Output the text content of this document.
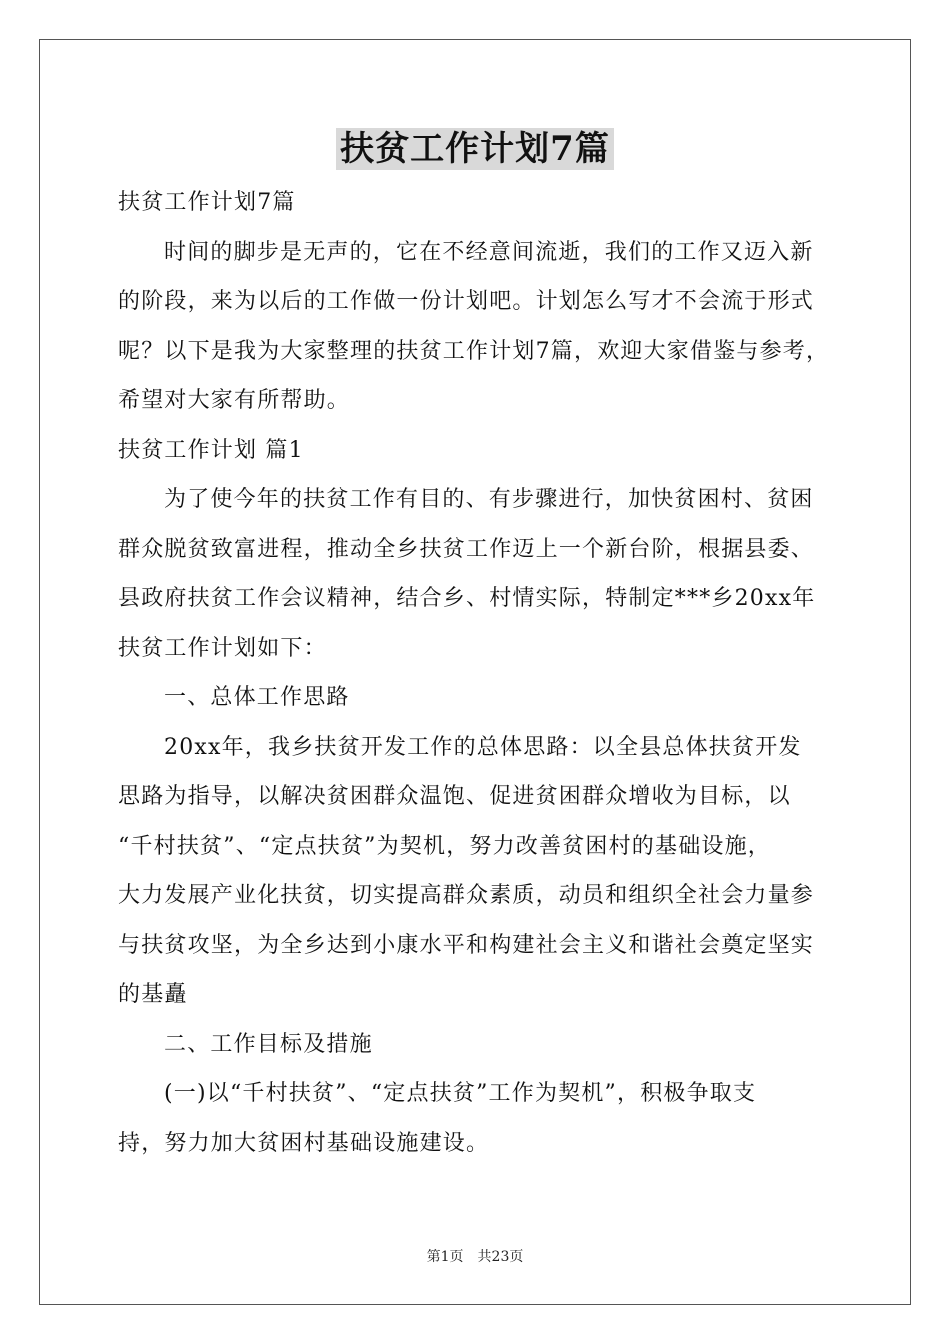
扶贫工作计划7篇
扶贫工作计划7篇
时间的脚步是无声的，它在不经意间流逝，我们的工作又迈入新
的阶段，来为以后的工作做一份计划吧。计划怎么写才不会流于形式
呢？以下是我为大家整理的扶贫工作计划7篇，欢迎大家借鉴与参考，
希望对大家有所帮助。
扶贫工作计划 篇1
为了使今年的扶贫工作有目的、有步骤进行，加快贫困村、贫困
群众脱贫致富进程，推动全乡扶贫工作迈上一个新台阶，根据县委、
县政府扶贫工作会议精神，结合乡、村情实际，特制定***乡20xx年
扶贫工作计划如下：
一、总体工作思路
20xx年，我乡扶贫开发工作的总体思路：以全县总体扶贫开发
思路为指导，以解决贫困群众温饱、促进贫困群众增收为目标，以
“千村扶贫”、“定点扶贫”为契机，努力改善贫困村的基础设施，
大力发展产业化扶贫，切实提高群众素质，动员和组织全社会力量参
与扶贫攻坚，为全乡达到小康水平和构建社会主义和谐社会奠定坚实
的基矗
二、工作目标及措施
(一)以“千村扶贫”、“定点扶贫”工作为契机”，积极争取支
持，努力加大贫困村基础设施建设。
第1页　共23页
